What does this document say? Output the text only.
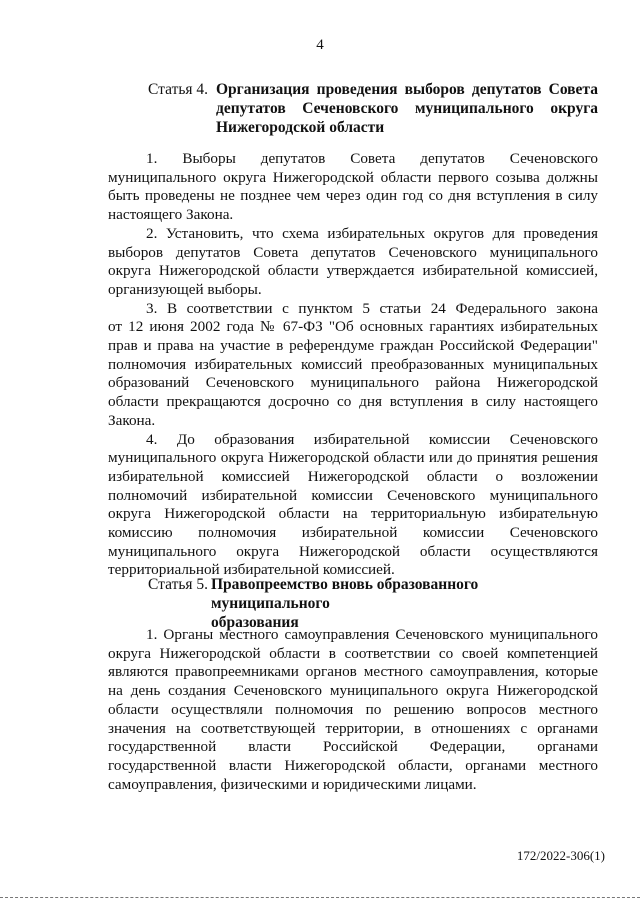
4
Статья 4. Организация проведения выборов депутатов Совета
депутатов Сеченовского муниципального округа
Нижегородской области

1. Выборы депутатов Совета депутатов Сеченовского
муниципального округа Нижегородской области первого созыва должны
быть проведены не позднее чем через один год со дня вступления в силу
настоящего Закона.

2. Установить, что схема избирательных округов для проведения
выборов депутатов Совета депутатов Сеченовского муниципального
округа Нижегородской области утверждается избирательной комиссией,
организующей выборы.

3. В соответствии с пунктом 5 статьи 24 Федерального закона
от 12 июня 2002 года № 67-ФЗ "Об основных гарантиях избирательных
прав и права на участие в референдуме граждан Российской Федерации"
полномочия избирательных комиссий преобразованных муниципальных
образований Сеченовского муниципального района Нижегородской
области прекращаются досрочно со дня вступления в силу настоящего
Закона.

4. До образования избирательной комиссии Сеченовского
муниципального округа Нижегородской области или до принятия решения
избирательной комиссией Нижегородской области о возложении
полномочий избирательной комиссии Сеченовского муниципального
округа Нижегородской области на территориальную избирательную
комиссию полномочия избирательной комиссии Сеченовского
муниципального округа Нижегородской области осуществляются
территориальной избирательной комиссией.

Статья 5. Правопреемство вновь образованного муниципального
образования

1. Органы местного самоуправления Сеченовского муниципального
округа Нижегородской области в соответствии со своей компетенцией
являются правопреемниками органов местного самоуправления, которые
на день создания Сеченовского муниципального округа Нижегородской
области осуществляли полномочия по решению вопросов местного
значения на соответствующей территории, в отношениях с органами
государственной власти Российской Федерации, органами
государственной власти Нижегородской области, органами местного
самоуправления, физическими и юридическими лицами.

172/2022-306(1)
